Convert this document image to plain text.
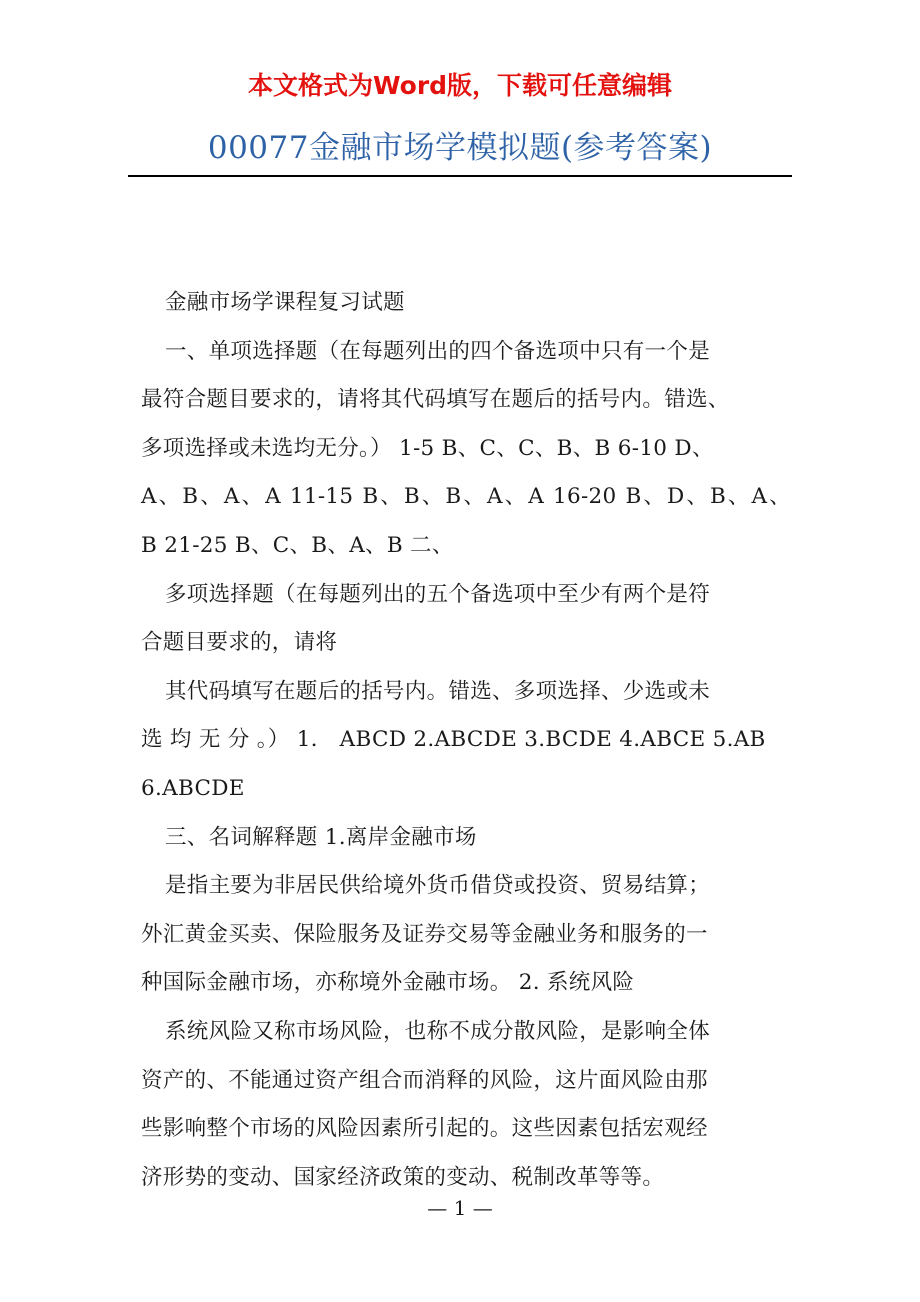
本文格式为Word版，下载可任意编辑
00077金融市场学模拟题(参考答案)
金融市场学课程复习试题
一、单项选择题（在每题列出的四个备选项中只有一个是
最符合题目要求的，请将其代码填写在题后的括号内。错选、
多项选择或未选均无分。） 1-5 B、C、C、B、B 6-10 D、
A、B、A、A 11-15 B、B、B、A、A 16-20 B、D、B、A、
B 21-25 B、C、B、A、B 二、
多项选择题（在每题列出的五个备选项中至少有两个是符
合题目要求的，请将
其代码填写在题后的括号内。错选、多项选择、少选或未
选 均 无 分 。） 1． ABCD 2.ABCDE 3.BCDE 4.ABCE 5.AB
6.ABCDE
三、名词解释题 1.离岸金融市场
是指主要为非居民供给境外货币借贷或投资、贸易结算；
外汇黄金买卖、保险服务及证券交易等金融业务和服务的一
种国际金融市场，亦称境外金融市场。 2. 系统风险
系统风险又称市场风险，也称不成分散风险，是影响全体
资产的、不能通过资产组合而消释的风险，这片面风险由那
些影响整个市场的风险因素所引起的。这些因素包括宏观经
济形势的变动、国家经济政策的变动、税制改革等等。
— 1 —
